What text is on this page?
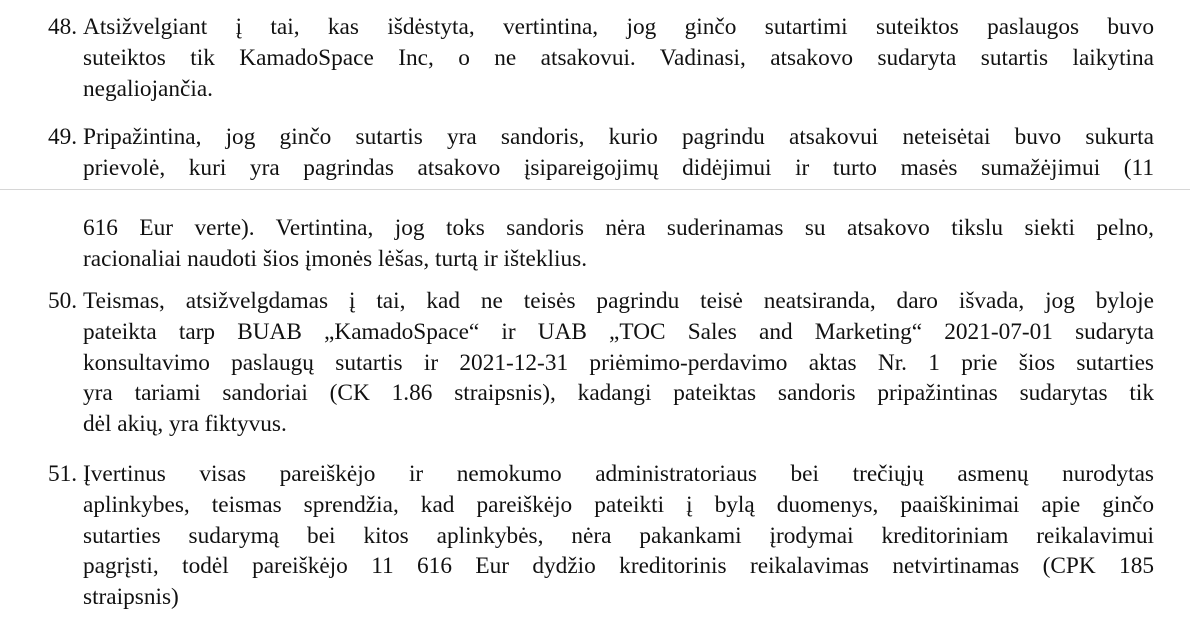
48. Atsižvelgiant į tai, kas išdėstyta, vertintina, jog ginčo sutartimi suteiktos paslaugos buvo
suteiktos tik KamadoSpace Inc, o ne atsakovui. Vadinasi, atsakovo sudaryta sutartis laikytina
negaliojančia.
49. Pripažintina, jog ginčo sutartis yra sandoris, kurio pagrindu atsakovui neteisėtai buvo sukurta
prievolė, kuri yra pagrindas atsakovo įsipareigojimų didėjimui ir turto masės sumažėjimui (11
616 Eur verte). Vertintina, jog toks sandoris nėra suderinamas su atsakovo tikslu siekti pelno,
racionaliai naudoti šios įmonės lėšas, turtą ir išteklius.
50. Teismas, atsižvelgdamas į tai, kad ne teisės pagrindu teisė neatsiranda, daro išvada, jog byloje
pateikta tarp BUAB „KamadoSpace“ ir UAB „TOC Sales and Marketing“ 2021-07-01 sudaryta
konsultavimo paslaugų sutartis ir 2021-12-31 priėmimo-perdavimo aktas Nr. 1 prie šios sutarties
yra tariami sandoriai (CK 1.86 straipsnis), kadangi pateiktas sandoris pripažintinas sudarytas tik
dėl akių, yra fiktyvus.
51. Įvertinus visas pareiškėjo ir nemokumo administratoriaus bei trečiųjų asmenų nurodytas
aplinkybes, teismas sprendžia, kad pareiškėjo pateikti į bylą duomenys, paaiškinimai apie ginčo
sutarties sudarymą bei kitos aplinkybės, nėra pakankami įrodymai kreditoriniam reikalavimui
pagrįsti, todėl pareiškėjo 11 616 Eur dydžio kreditorinis reikalavimas netvirtinamas (CPK 185
straipsnis)
